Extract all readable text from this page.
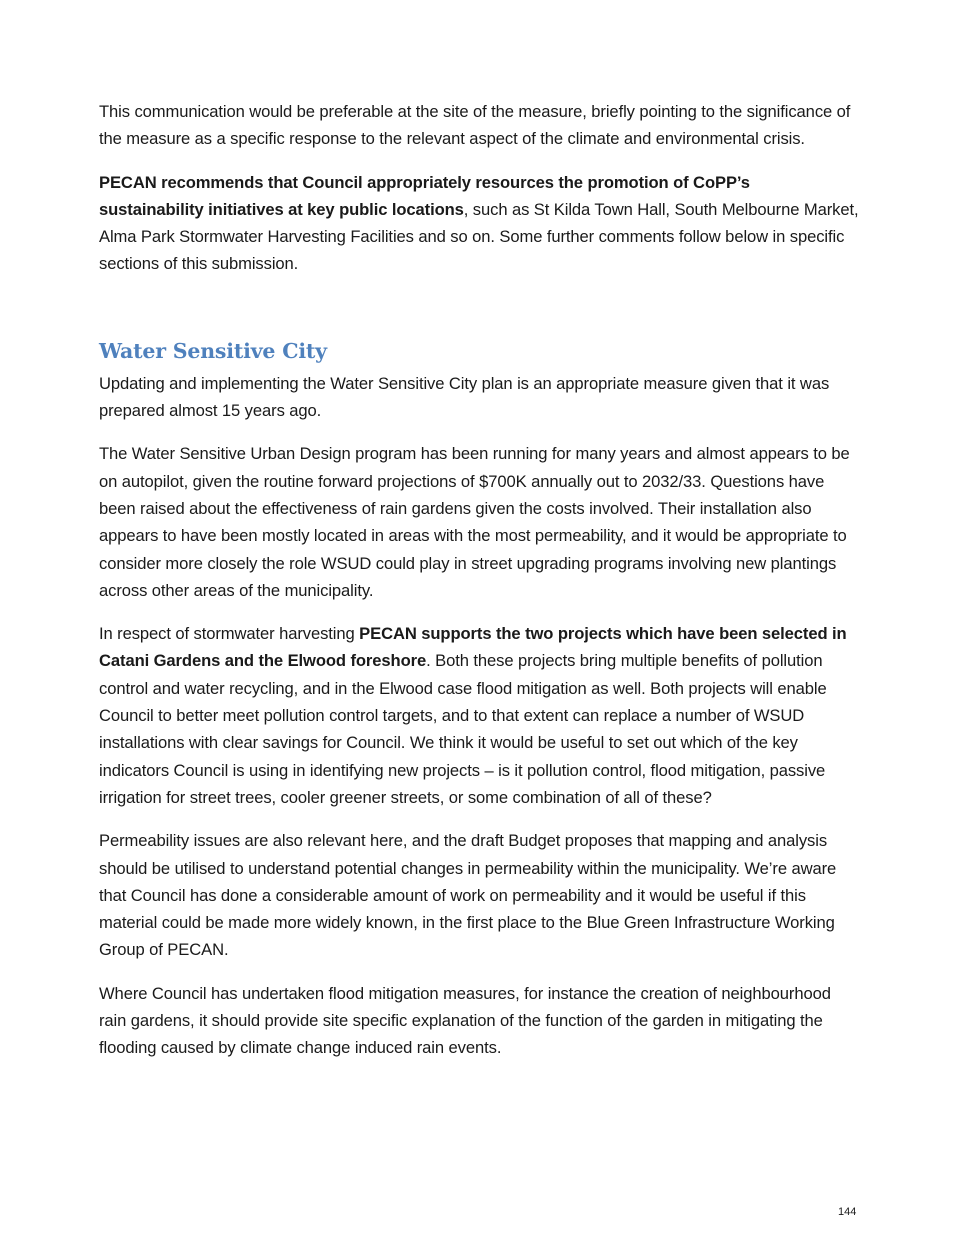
This communication would be preferable at the site of the measure, briefly pointing to the significance of the measure as a specific response to the relevant aspect of the climate and environmental crisis.

PECAN recommends that Council appropriately resources the promotion of CoPP’s sustainability initiatives at key public locations, such as St Kilda Town Hall, South Melbourne Market, Alma Park Stormwater Harvesting Facilities and so on. Some further comments follow below in specific sections of this submission.

Water Sensitive City

Updating and implementing the Water Sensitive City plan is an appropriate measure given that it was prepared almost 15 years ago.

The Water Sensitive Urban Design program has been running for many years and almost appears to be on autopilot, given the routine forward projections of $700K annually out to 2032/33. Questions have been raised about the effectiveness of rain gardens given the costs involved. Their installation also appears to have been mostly located in areas with the most permeability, and it would be appropriate to consider more closely the role WSUD could play in street upgrading programs involving new plantings across other areas of the municipality.

In respect of stormwater harvesting PECAN supports the two projects which have been selected in Catani Gardens and the Elwood foreshore. Both these projects bring multiple benefits of pollution control and water recycling, and in the Elwood case flood mitigation as well. Both projects will enable Council to better meet pollution control targets, and to that extent can replace a number of WSUD installations with clear savings for Council. We think it would be useful to set out which of the key indicators Council is using in identifying new projects – is it pollution control, flood mitigation, passive irrigation for street trees, cooler greener streets, or some combination of all of these?

Permeability issues are also relevant here, and the draft Budget proposes that mapping and analysis should be utilised to understand potential changes in permeability within the municipality. We’re aware that Council has done a considerable amount of work on permeability and it would be useful if this material could be made more widely known, in the first place to the Blue Green Infrastructure Working Group of PECAN.

Where Council has undertaken flood mitigation measures, for instance the creation of neighbourhood rain gardens, it should provide site specific explanation of the function of the garden in mitigating the flooding caused by climate change induced rain events.

144
